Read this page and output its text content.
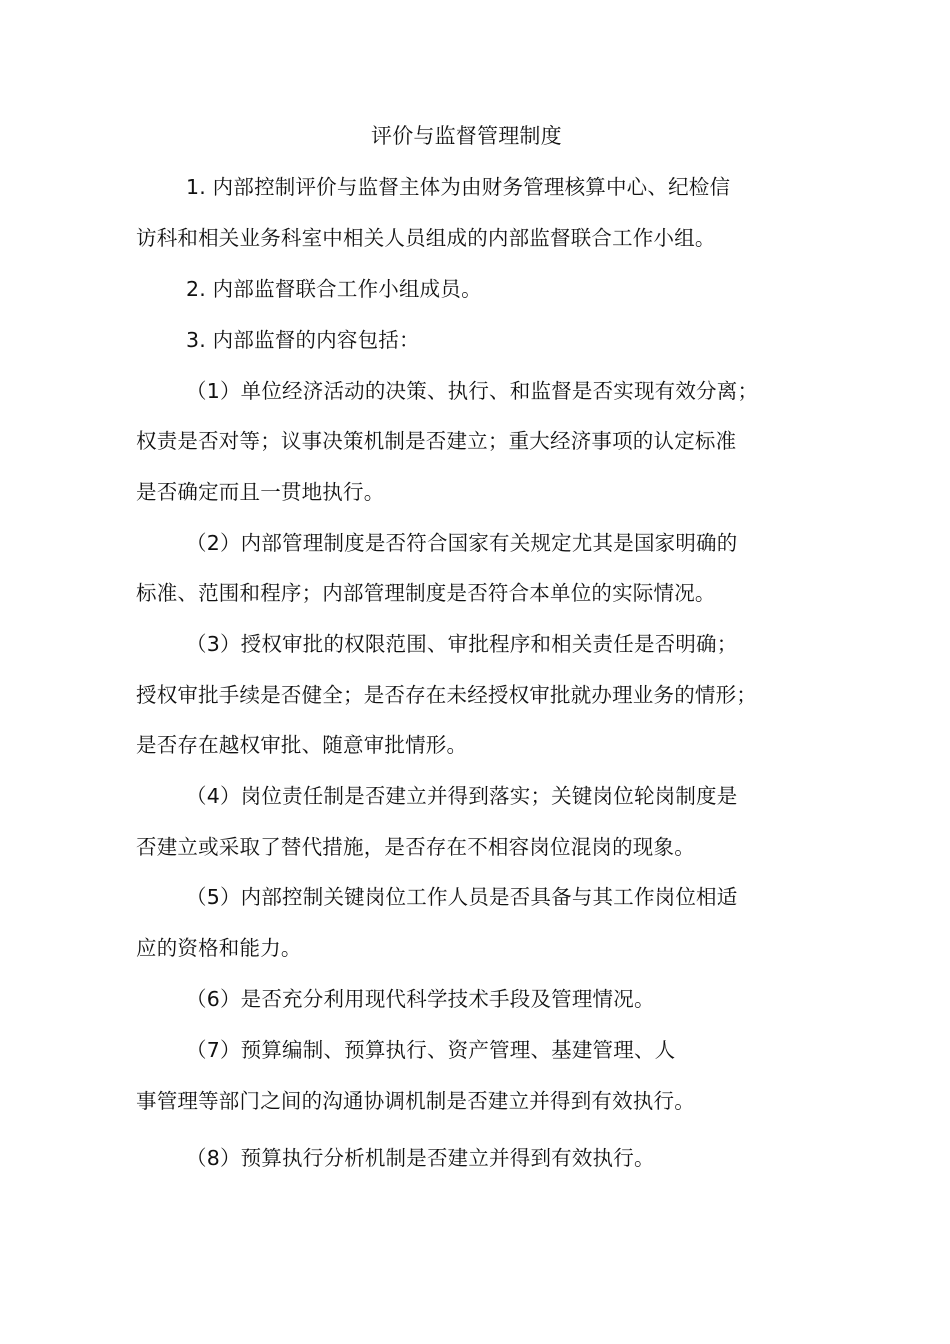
评价与监督管理制度
1. 内部控制评价与监督主体为由财务管理核算中心、纪检信
访科和相关业务科室中相关人员组成的内部监督联合工作小组。
2. 内部监督联合工作小组成员。
3. 内部监督的内容包括：
（1）单位经济活动的决策、执行、和监督是否实现有效分离；
权责是否对等；议事决策机制是否建立；重大经济事项的认定标准
是否确定而且一贯地执行。
（2）内部管理制度是否符合国家有关规定尤其是国家明确的
标准、范围和程序；内部管理制度是否符合本单位的实际情况。
（3）授权审批的权限范围、审批程序和相关责任是否明确；
授权审批手续是否健全；是否存在未经授权审批就办理业务的情形；
是否存在越权审批、随意审批情形。
（4）岗位责任制是否建立并得到落实；关键岗位轮岗制度是
否建立或采取了替代措施，是否存在不相容岗位混岗的现象。
（5）内部控制关键岗位工作人员是否具备与其工作岗位相适
应的资格和能力。
（6）是否充分利用现代科学技术手段及管理情况。
（7）预算编制、预算执行、资产管理、基建管理、人
事管理等部门之间的沟通协调机制是否建立并得到有效执行。
（8）预算执行分析机制是否建立并得到有效执行。
